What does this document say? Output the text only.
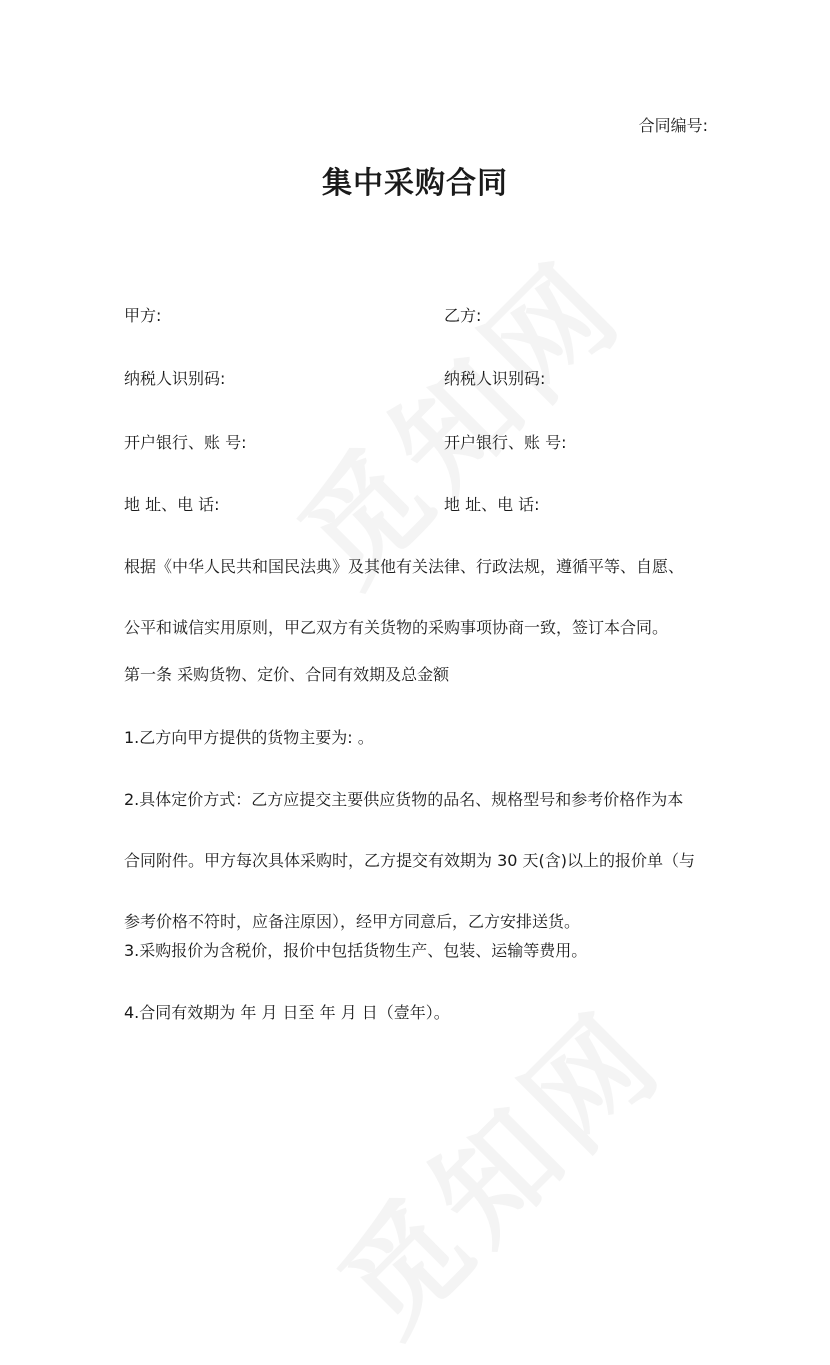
合同编号:
集中采购合同
甲方:	乙方:
纳税人识别码:	纳税人识别码:
开户银行、账 号:	开户银行、账 号:
地 址、电 话:	地 址、电 话:
根据《中华人民共和国民法典》及其他有关法律、行政法规，遵循平等、自愿、
公平和诚信实用原则，甲乙双方有关货物的采购事项协商一致，签订本合同。
第一条 采购货物、定价、合同有效期及总金额
1.乙方向甲方提供的货物主要为: 。
2.具体定价方式：乙方应提交主要供应货物的品名、规格型号和参考价格作为本
合同附件。甲方每次具体采购时，乙方提交有效期为 30 天(含)以上的报价单（与
参考价格不符时，应备注原因），经甲方同意后，乙方安排送货。
3.采购报价为含税价，报价中包括货物生产、包装、运输等费用。
4.合同有效期为 年 月 日至 年 月 日（壹年）。
